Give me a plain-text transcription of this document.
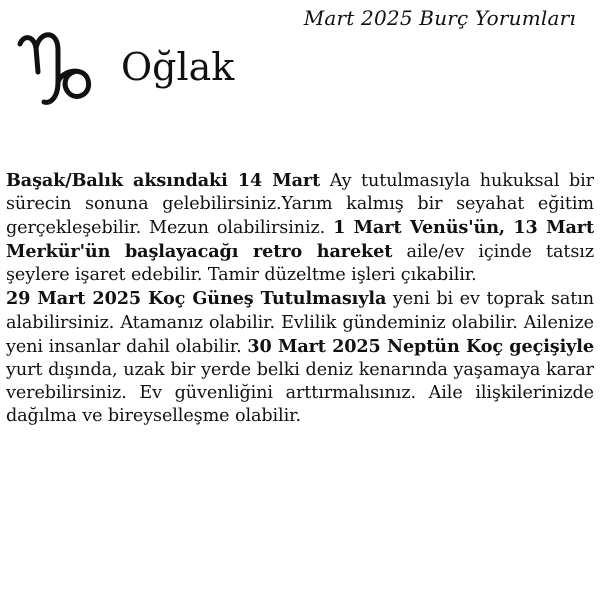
Mart 2025 Burç Yorumları
Oğlak

Başak/Balık aksındaki 14 Mart Ay tutulmasıyla hukuksal bir sürecin sonuna gelebilirsiniz.Yarım kalmış bir seyahat eğitim gerçekleşebilir. Mezun olabilirsiniz. 1 Mart Venüs'ün, 13 Mart Merkür'ün başlayacağı retro hareket aile/ev içinde tatsız şeylere işaret edebilir. Tamir düzeltme işleri çıkabilir.

29 Mart 2025 Koç Güneş Tutulmasıyla yeni bi ev toprak satın alabilirsiniz. Atamanız olabilir. Evlilik gündeminiz olabilir. Ailenize yeni insanlar dahil olabilir. 30 Mart 2025 Neptün Koç geçişiyle yurt dışında, uzak bir yerde belki deniz kenarında yaşamaya karar verebilirsiniz. Ev güvenliğini arttırmalısınız. Aile ilişkilerinizde dağılma ve bireyselleşme olabilir.
